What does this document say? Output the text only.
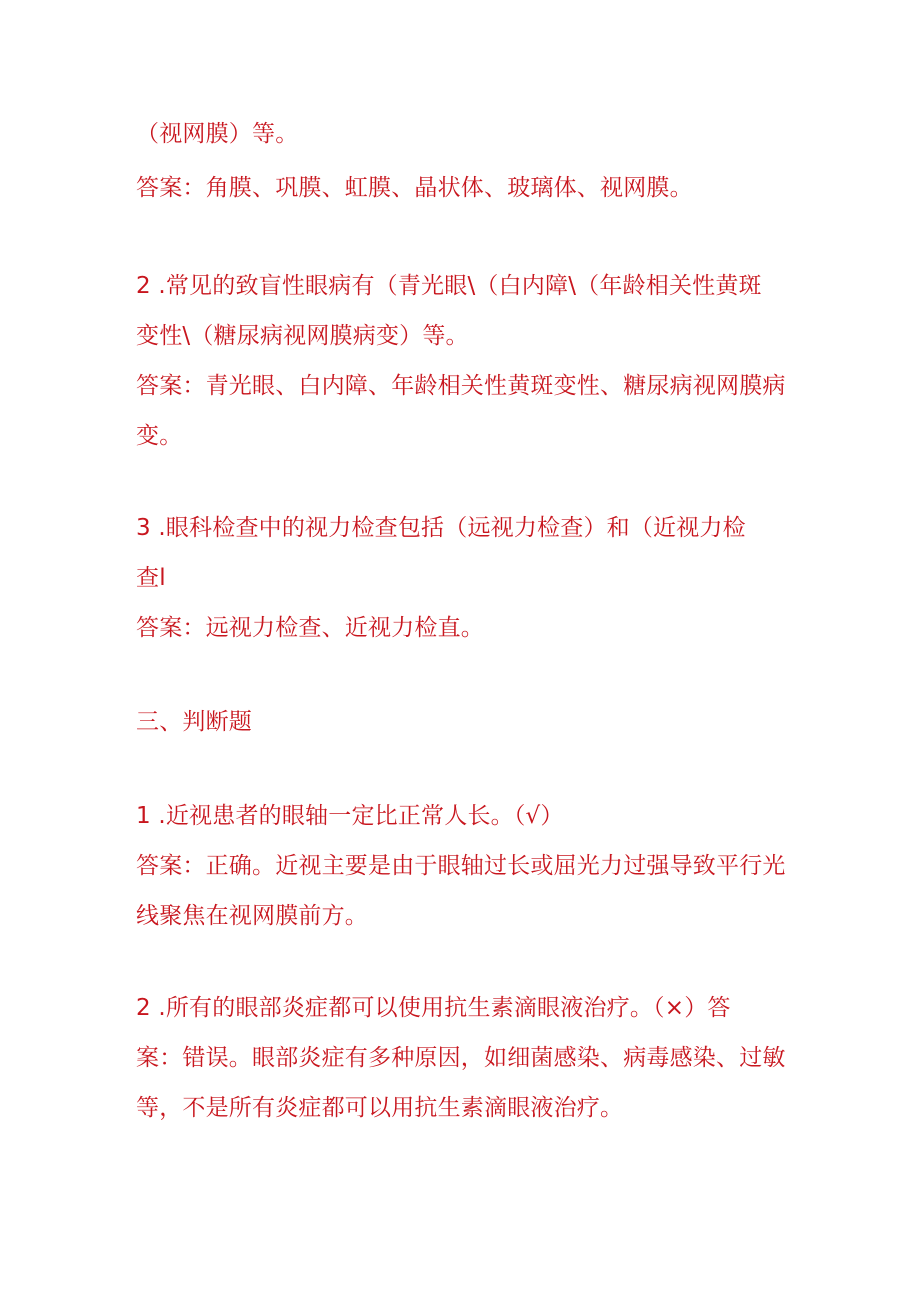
（视网膜）等。
答案：角膜、巩膜、虹膜、晶状体、玻璃体、视网膜。
2 .常见的致盲性眼病有（青光眼\（白内障\（年龄相关性黄斑
变性\（糖尿病视网膜病变）等。
答案：青光眼、白内障、年龄相关性黄斑变性、糖尿病视网膜病
变。
3 .眼科检查中的视力检查包括（远视力检查）和（近视力检
查l
答案：远视力检查、近视力检直。
三、判断题
1 .近视患者的眼轴一定比正常人长。（√）
答案：正确。近视主要是由于眼轴过长或屈光力过强导致平行光
线聚焦在视网膜前方。
2 .所有的眼部炎症都可以使用抗生素滴眼液治疗。（×）答
案：错误。眼部炎症有多种原因，如细菌感染、病毒感染、过敏
等，不是所有炎症都可以用抗生素滴眼液治疗。
